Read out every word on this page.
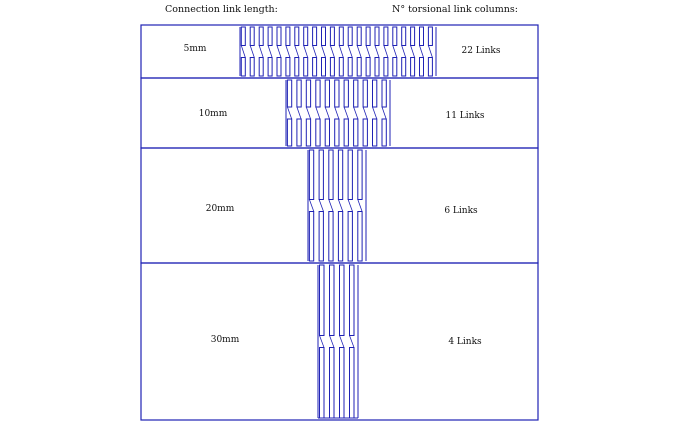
Connection link length:	N° torsional link columns:
5mm	22 Links
10mm	11 Links
20mm	6 Links
30mm	4 Links
